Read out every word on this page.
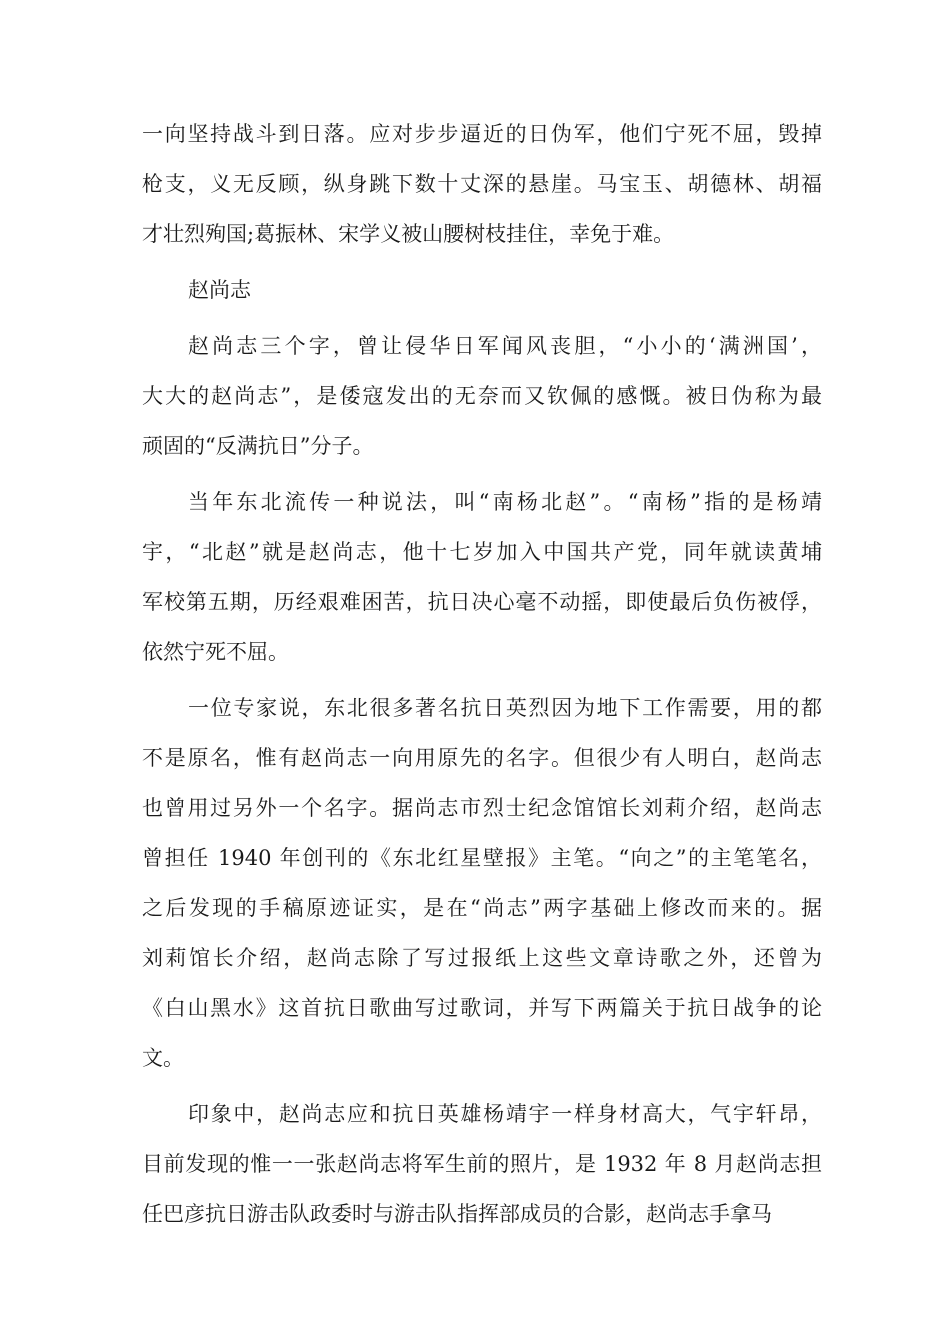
一向坚持战斗到日落。应对步步逼近的日伪军，他们宁死不屈，毁掉
枪支，义无反顾，纵身跳下数十丈深的悬崖。马宝玉、胡德林、胡福
才壮烈殉国;葛振林、宋学义被山腰树枝挂住，幸免于难。
赵尚志
赵尚志三个字，曾让侵华日军闻风丧胆，“小小的‘满洲国’，
大大的赵尚志”，是倭寇发出的无奈而又钦佩的感慨。被日伪称为最
顽固的“反满抗日”分子。
当年东北流传一种说法，叫“南杨北赵”。“南杨”指的是杨靖
宇，“北赵”就是赵尚志，他十七岁加入中国共产党，同年就读黄埔
军校第五期，历经艰难困苦，抗日决心毫不动摇，即使最后负伤被俘，
依然宁死不屈。
一位专家说，东北很多著名抗日英烈因为地下工作需要，用的都
不是原名，惟有赵尚志一向用原先的名字。但很少有人明白，赵尚志
也曾用过另外一个名字。据尚志市烈士纪念馆馆长刘莉介绍，赵尚志
曾担任 1940 年创刊的《东北红星壁报》主笔。“向之”的主笔笔名，
之后发现的手稿原迹证实，是在“尚志”两字基础上修改而来的。据
刘莉馆长介绍，赵尚志除了写过报纸上这些文章诗歌之外，还曾为
《白山黑水》这首抗日歌曲写过歌词，并写下两篇关于抗日战争的论
文。
印象中，赵尚志应和抗日英雄杨靖宇一样身材高大，气宇轩昂，
目前发现的惟一一张赵尚志将军生前的照片，是 1932 年 8 月赵尚志担
任巴彦抗日游击队政委时与游击队指挥部成员的合影，赵尚志手拿马
